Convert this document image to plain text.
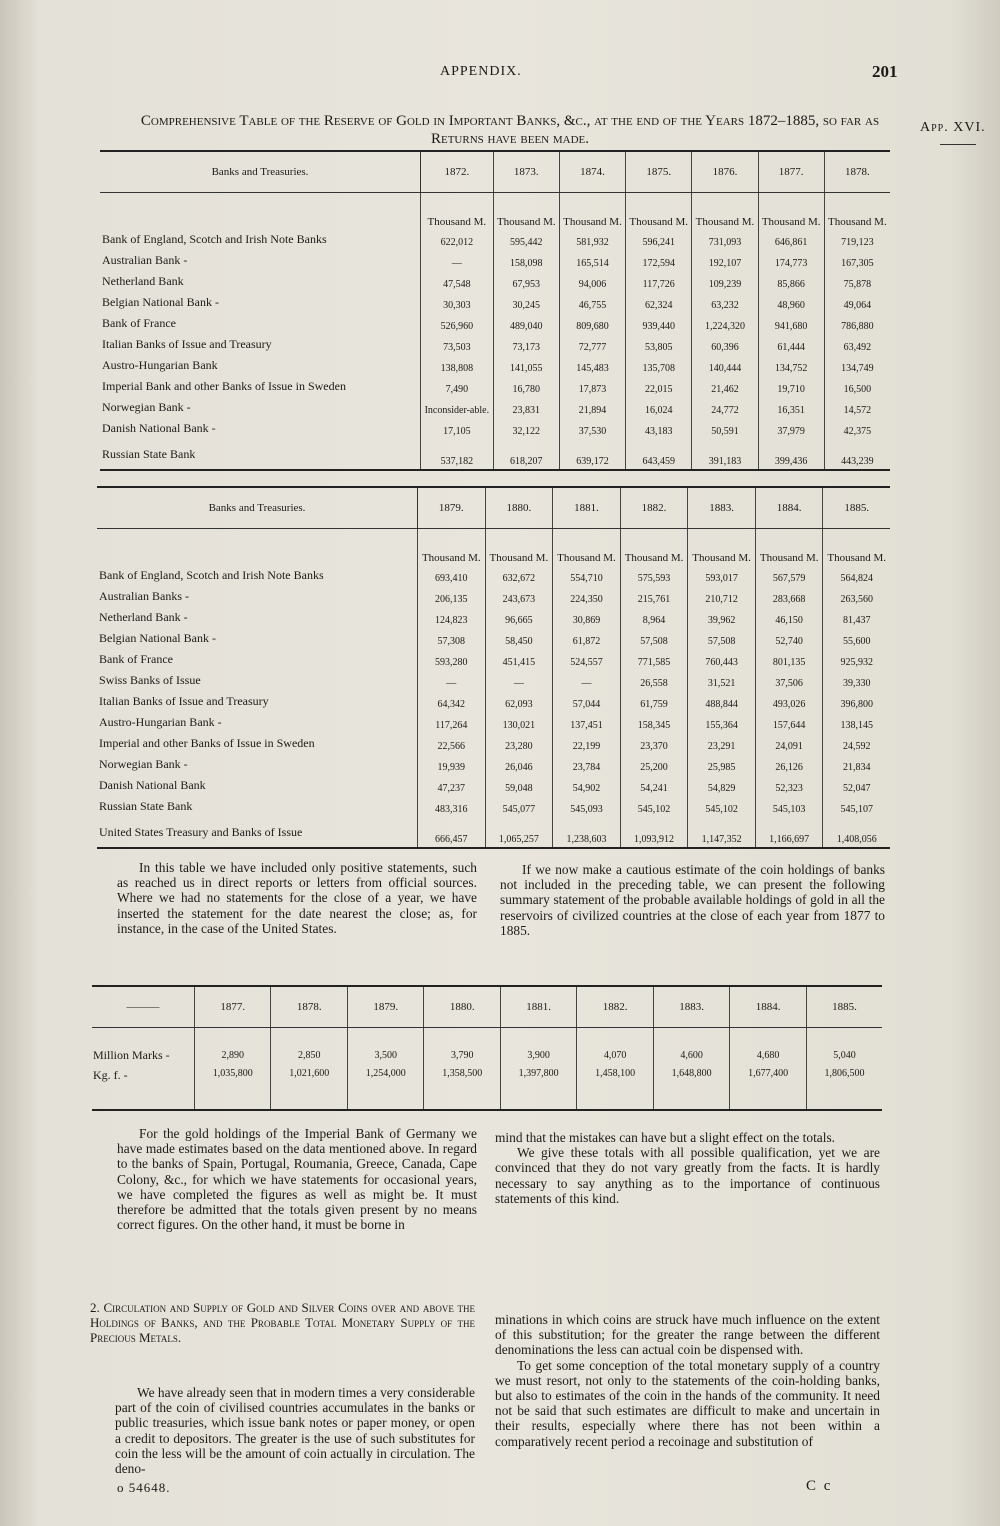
APPENDIX.	201
App. XVI.
Comprehensive Table of the Reserve of Gold in Important Banks, &c., at the end of the Years 1872–1885, so far as Returns have been made.
Banks and Treasuries.	1872.	1873.	1874.	1875.	1876.	1877.	1878.
	Thousand M.	Thousand M.	Thousand M.	Thousand M.	Thousand M.	Thousand M.	Thousand M.
Bank of England, Scotch and Irish Note Banks	622,012	595,442	581,932	596,241	731,093	646,861	719,123
Australian Bank -	—	158,098	165,514	172,594	192,107	174,773	167,305
Netherland Bank	47,548	67,953	94,006	117,726	109,239	85,866	75,878
Belgian National Bank -	30,303	30,245	46,755	62,324	63,232	48,960	49,064
Bank of France	526,960	489,040	809,680	939,440	1,224,320	941,680	786,880
Italian Banks of Issue and Treasury	73,503	73,173	72,777	53,805	60,396	61,444	63,492
Austro-Hungarian Bank	138,808	141,055	145,483	135,708	140,444	134,752	134,749
Imperial Bank and other Banks of Issue in Sweden	7,490	16,780	17,873	22,015	21,462	19,710	16,500
Norwegian Bank -	Inconsider-able.	23,831	21,894	16,024	24,772	16,351	14,572
Danish National Bank -	17,105	32,122	37,530	43,183	50,591	37,979	42,375
Russian State Bank	537,182	618,207	639,172	643,459	391,183	399,436	443,239
Banks and Treasuries.	1879.	1880.	1881.	1882.	1883.	1884.	1885.
	Thousand M.	Thousand M.	Thousand M.	Thousand M.	Thousand M.	Thousand M.	Thousand M.
Bank of England, Scotch and Irish Note Banks	693,410	632,672	554,710	575,593	593,017	567,579	564,824
Australian Banks -	206,135	243,673	224,350	215,761	210,712	283,668	263,560
Netherland Bank -	124,823	96,665	30,869	8,964	39,962	46,150	81,437
Belgian National Bank -	57,308	58,450	61,872	57,508	57,508	52,740	55,600
Bank of France	593,280	451,415	524,557	771,585	760,443	801,135	925,932
Swiss Banks of Issue	—	—	—	26,558	31,521	37,506	39,330
Italian Banks of Issue and Treasury	64,342	62,093	57,044	61,759	488,844	493,026	396,800
Austro-Hungarian Bank -	117,264	130,021	137,451	158,345	155,364	157,644	138,145
Imperial and other Banks of Issue in Sweden	22,566	23,280	22,199	23,370	23,291	24,091	24,592
Norwegian Bank -	19,939	26,046	23,784	25,200	25,985	26,126	21,834
Danish National Bank	47,237	59,048	54,902	54,241	54,829	52,323	52,047
Russian State Bank	483,316	545,077	545,093	545,102	545,102	545,103	545,107
United States Treasury and Banks of Issue	666,457	1,065,257	1,238,603	1,093,912	1,147,352	1,166,697	1,408,056

In this table we have included only positive statements, such as reached us in direct reports or letters from official sources. Where we had no statements for the close of a year, we have inserted the statement for the date nearest the close; as, for instance, in the case of the United States.

If we now make a cautious estimate of the coin holdings of banks not included in the preceding table, we can present the following summary statement of the probable available holdings of gold in all the reservoirs of civilized countries at the close of each year from 1877 to 1885.

———	1877.	1878.	1879.	1880.	1881.	1882.	1883.	1884.	1885.
Million Marks -	2,890	2,850	3,500	3,790	3,900	4,070	4,600	4,680	5,040
Kg. f. -	1,035,800	1,021,600	1,254,000	1,358,500	1,397,800	1,458,100	1,648,800	1,677,400	1,806,500

For the gold holdings of the Imperial Bank of Germany we have made estimates based on the data mentioned above. In regard to the banks of Spain, Portugal, Roumania, Greece, Canada, Cape Colony, &c., for which we have statements for occasional years, we have completed the figures as well as might be. It must therefore be admitted that the totals given present by no means correct figures. On the other hand, it must be borne in

mind that the mistakes can have but a slight effect on the totals.
We give these totals with all possible qualification, yet we are convinced that they do not vary greatly from the facts. It is hardly necessary to say anything as to the importance of continuous statements of this kind.
2. Circulation and Supply of Gold and Silver Coins over and above the Holdings of Banks, and the Probable Total Monetary Supply of the Precious Metals.
minations in which coins are struck have much influence on the extent of this substitution; for the greater the range between the different denominations the less can actual coin be dispensed with.
To get some conception of the total monetary supply of a country we must resort, not only to the statements of the coin-holding banks, but also to estimates of the coin in the hands of the community. It need not be said that such estimates are difficult to make and uncertain in their results, especially where there has not been within a comparatively recent period a recoinage and substitution of

We have already seen that in modern times a very considerable part of the coin of civilised countries accumulates in the banks or public treasuries, which issue bank notes or paper money, or open a credit to depositors. The greater is the use of such substitutes for coin the less will be the amount of coin actually in circulation. The deno-

o 54648.	C c
